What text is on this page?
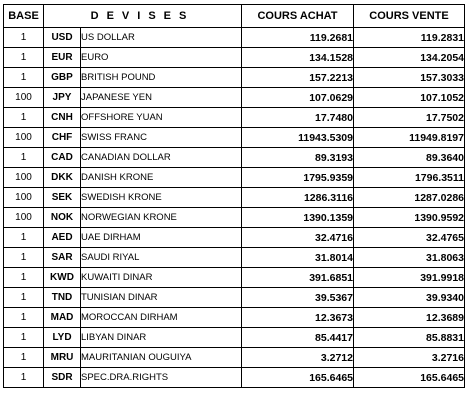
BASE	DEVISES		COURS ACHAT	COURS VENTE
1	USD	US DOLLAR	119.2681	119.2831
1	EUR	EURO	134.1528	134.2054
1	GBP	BRITISH POUND	157.2213	157.3033
100	JPY	JAPANESE YEN	107.0629	107.1052
1	CNH	OFFSHORE YUAN	17.7480	17.7502
100	CHF	SWISS FRANC	11943.5309	11949.8197
1	CAD	CANADIAN DOLLAR	89.3193	89.3640
100	DKK	DANISH KRONE	1795.9359	1796.3511
100	SEK	SWEDISH KRONE	1286.3116	1287.0286
100	NOK	NORWEGIAN KRONE	1390.1359	1390.9592
1	AED	UAE DIRHAM	32.4716	32.4765
1	SAR	SAUDI RIYAL	31.8014	31.8063
1	KWD	KUWAITI DINAR	391.6851	391.9918
1	TND	TUNISIAN DINAR	39.5367	39.9340
1	MAD	MOROCCAN DIRHAM	12.3673	12.3689
1	LYD	LIBYAN DINAR	85.4417	85.8831
1	MRU	MAURITANIAN OUGUIYA	3.2712	3.2716
1	SDR	SPEC.DRA.RIGHTS	165.6465	165.6465
